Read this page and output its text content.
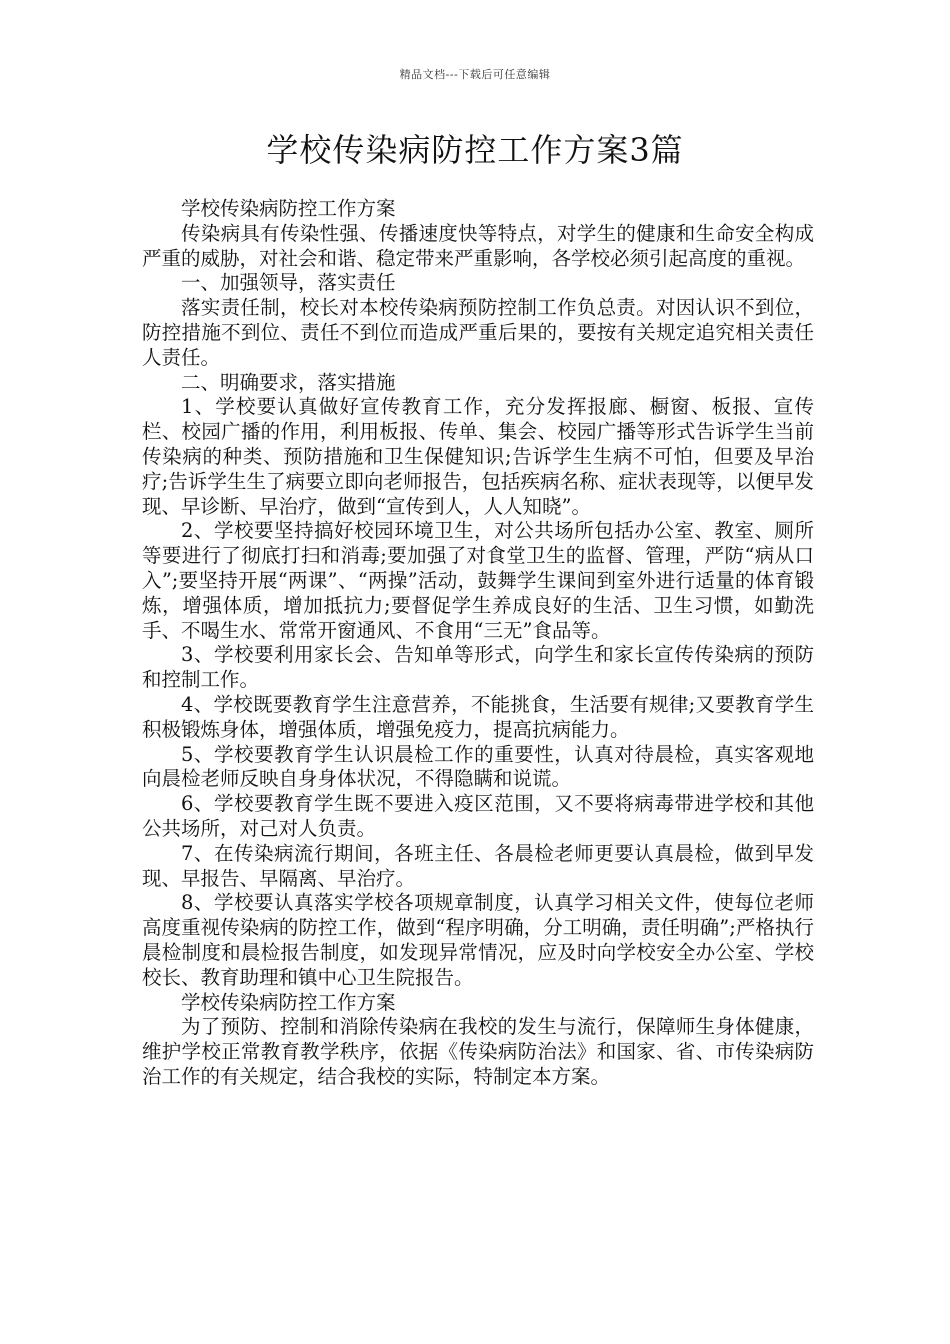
精品文档---下载后可任意编辑
学校传染病防控工作方案3篇

学校传染病防控工作方案

传染病具有传染性强、传播速度快等特点，对学生的健康和生命安全构成严重的威胁，对社会和谐、稳定带来严重影响，各学校必须引起高度的重视。

一、加强领导，落实责任

落实责任制，校长对本校传染病预防控制工作负总责。对因认识不到位，防控措施不到位、责任不到位而造成严重后果的，要按有关规定追究相关责任人责任。

二、明确要求，落实措施

1、学校要认真做好宣传教育工作，充分发挥报廊、橱窗、板报、宣传栏、校园广播的作用，利用板报、传单、集会、校园广播等形式告诉学生当前传染病的种类、预防措施和卫生保健知识;告诉学生生病不可怕，但要及早治疗;告诉学生生了病要立即向老师报告，包括疾病名称、症状表现等，以便早发现、早诊断、早治疗，做到“宣传到人，人人知晓”。

2、学校要坚持搞好校园环境卫生，对公共场所包括办公室、教室、厕所等要进行了彻底打扫和消毒;要加强了对食堂卫生的监督、管理，严防“病从口入”;要坚持开展“两课”、“两操”活动，鼓舞学生课间到室外进行适量的体育锻炼，增强体质，增加抵抗力;要督促学生养成良好的生活、卫生习惯，如勤洗手、不喝生水、常常开窗通风、不食用“三无”食品等。

3、学校要利用家长会、告知单等形式，向学生和家长宣传传染病的预防和控制工作。

4、学校既要教育学生注意营养，不能挑食，生活要有规律;又要教育学生积极锻炼身体，增强体质，增强免疫力，提高抗病能力。

5、学校要教育学生认识晨检工作的重要性，认真对待晨检，真实客观地向晨检老师反映自身身体状况，不得隐瞒和说谎。

6、学校要教育学生既不要进入疫区范围，又不要将病毒带进学校和其他公共场所，对己对人负责。

7、在传染病流行期间，各班主任、各晨检老师更要认真晨检，做到早发现、早报告、早隔离、早治疗。

8、学校要认真落实学校各项规章制度，认真学习相关文件，使每位老师高度重视传染病的防控工作，做到“程序明确，分工明确，责任明确”;严格执行晨检制度和晨检报告制度，如发现异常情况，应及时向学校安全办公室、学校校长、教育助理和镇中心卫生院报告。

学校传染病防控工作方案

为了预防、控制和消除传染病在我校的发生与流行，保障师生身体健康，维护学校正常教育教学秩序，依据《传染病防治法》和国家、省、市传染病防治工作的有关规定，结合我校的实际，特制定本方案。
